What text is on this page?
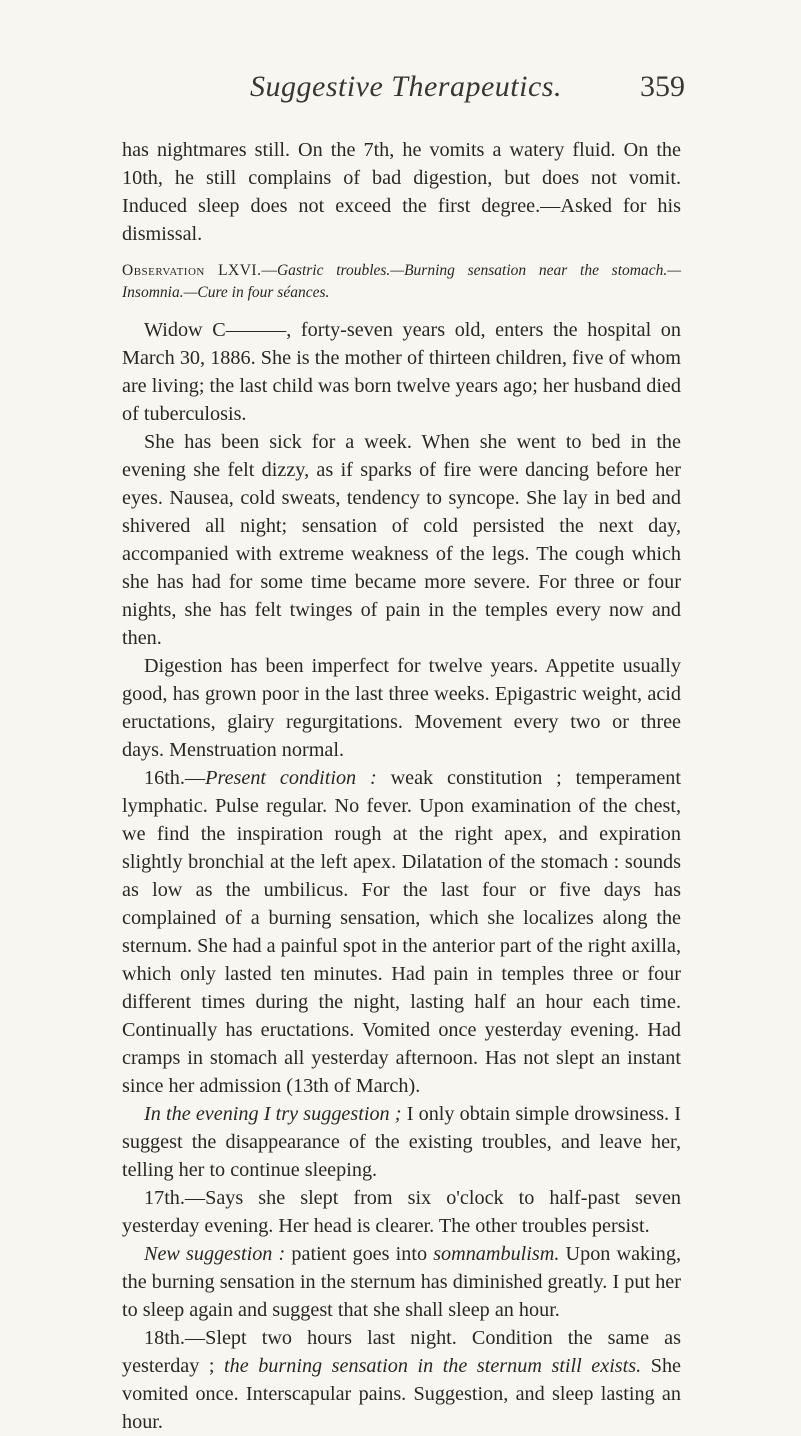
Suggestive Therapeutics.	359

has nightmares still. On the 7th, he vomits a watery fluid. On the 10th, he still complains of bad digestion, but does not vomit. Induced sleep does not exceed the first degree.—Asked for his dismissal.

Observation LXVI.—Gastric troubles.—Burning sensation near the stomach.—Insomnia.—Cure in four séances.

Widow C———, forty-seven years old, enters the hospital on March 30, 1886. She is the mother of thirteen children, five of whom are living; the last child was born twelve years ago; her husband died of tuberculosis.

She has been sick for a week. When she went to bed in the evening she felt dizzy, as if sparks of fire were dancing before her eyes. Nausea, cold sweats, tendency to syncope. She lay in bed and shivered all night; sensation of cold persisted the next day, accompanied with extreme weakness of the legs. The cough which she has had for some time became more severe. For three or four nights, she has felt twinges of pain in the temples every now and then.

Digestion has been imperfect for twelve years. Appetite usually good, has grown poor in the last three weeks. Epigastric weight, acid eructations, glairy regurgitations. Movement every two or three days. Menstruation normal.

16th.—Present condition : weak constitution ; temperament lymphatic. Pulse regular. No fever. Upon examination of the chest, we find the inspiration rough at the right apex, and expiration slightly bronchial at the left apex. Dilatation of the stomach : sounds as low as the umbilicus. For the last four or five days has complained of a burning sensation, which she localizes along the sternum. She had a painful spot in the anterior part of the right axilla, which only lasted ten minutes. Had pain in temples three or four different times during the night, lasting half an hour each time. Continually has eructations. Vomited once yesterday evening. Had cramps in stomach all yesterday afternoon. Has not slept an instant since her admission (13th of March).

In the evening I try suggestion ; I only obtain simple drowsiness. I suggest the disappearance of the existing troubles, and leave her, telling her to continue sleeping.

17th.—Says she slept from six o'clock to half-past seven yesterday evening. Her head is clearer. The other troubles persist.

New suggestion : patient goes into somnambulism. Upon waking, the burning sensation in the sternum has diminished greatly. I put her to sleep again and suggest that she shall sleep an hour.

18th.—Slept two hours last night. Condition the same as yesterday ; the burning sensation in the sternum still exists. She vomited once. Interscapular pains. Suggestion, and sleep lasting an hour.
